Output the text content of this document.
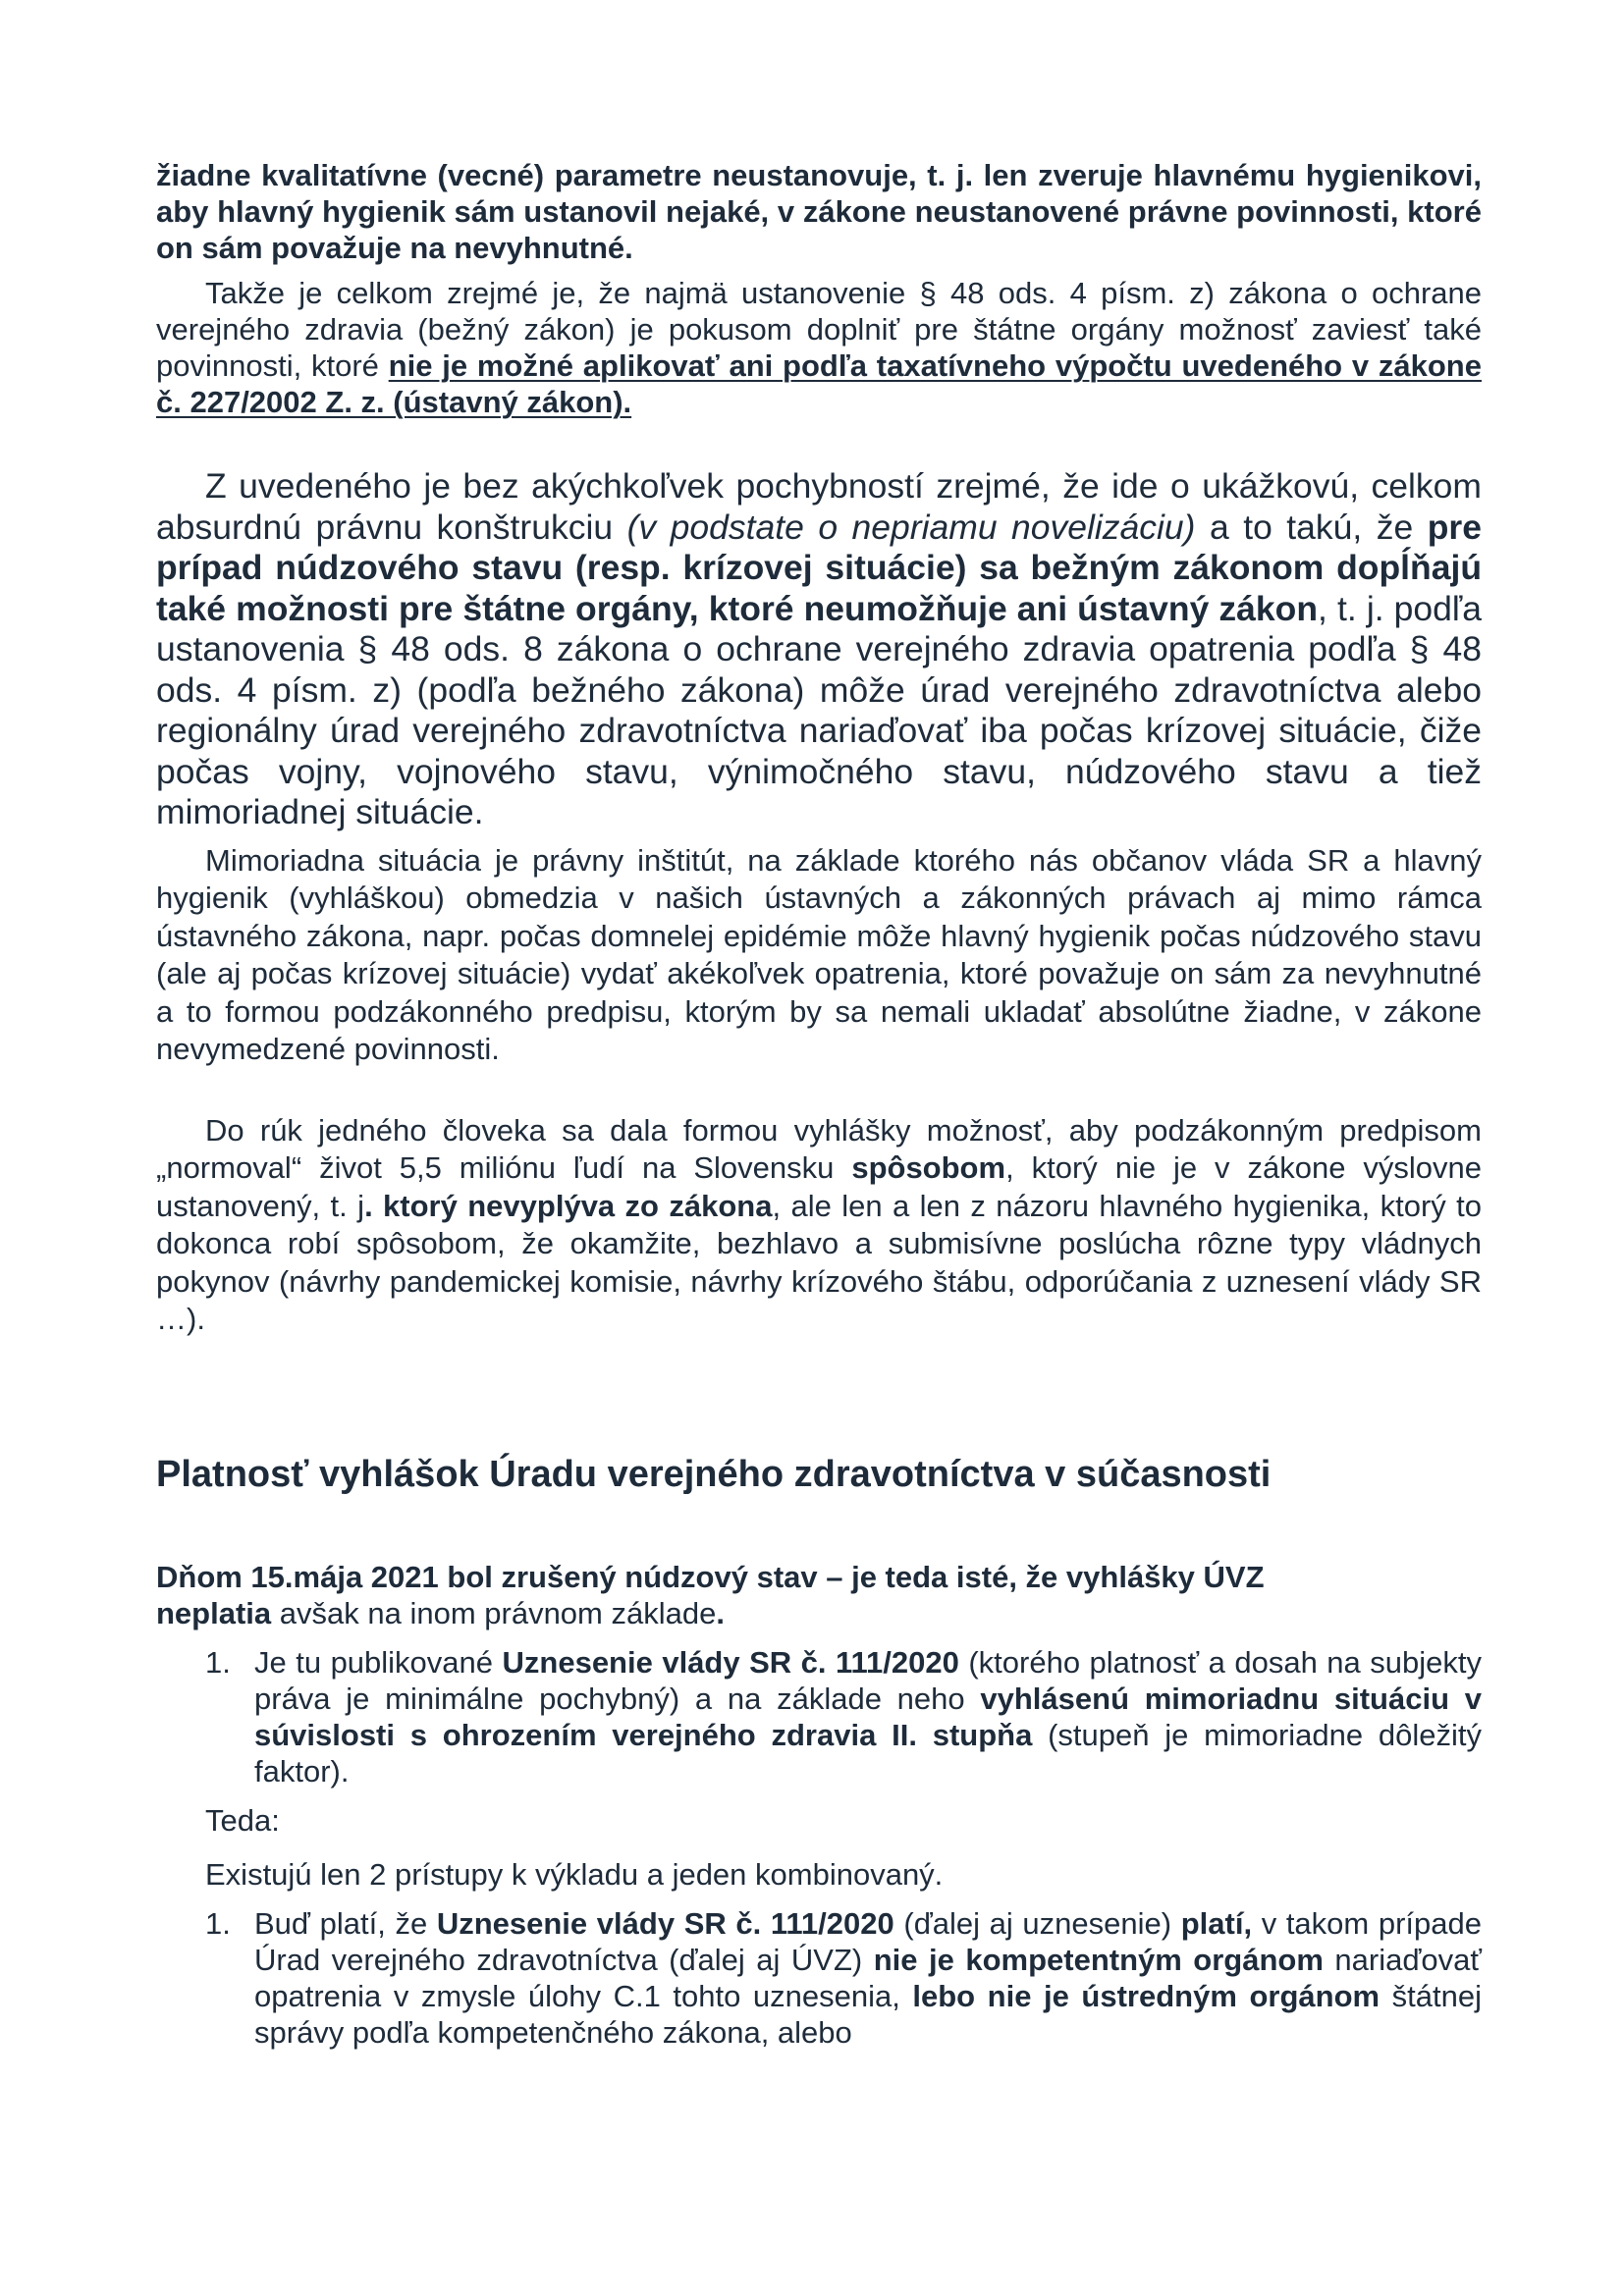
žiadne kvalitatívne (vecné) parametre neustanovuje, t. j. len zveruje hlavnému hygienikovi, aby hlavný hygienik sám ustanovil nejaké, v zákone neustanovené právne povinnosti, ktoré on sám považuje na nevyhnutné.

Takže je celkom zrejmé je, že najmä ustanovenie § 48 ods. 4 písm. z) zákona o ochrane verejného zdravia (bežný zákon) je pokusom doplniť pre štátne orgány možnosť zaviesť také povinnosti, ktoré nie je možné aplikovať ani podľa taxatívneho výpočtu uvedeného v zákone č. 227/2002 Z. z. (ústavný zákon).

Z uvedeného je bez akýchkoľvek pochybností zrejmé, že ide o ukážkovú, celkom absurdnú právnu konštrukciu (v podstate o nepriamu novelizáciu) a to takú, že pre prípad núdzového stavu (resp. krízovej situácie) sa bežným zákonom dopĺňajú také možnosti pre štátne orgány, ktoré neumožňuje ani ústavný zákon, t. j. podľa ustanovenia § 48 ods. 8 zákona o ochrane verejného zdravia opatrenia podľa § 48 ods. 4 písm. z) (podľa bežného zákona) môže úrad verejného zdravotníctva alebo regionálny úrad verejného zdravotníctva nariaďovať iba počas krízovej situácie, čiže počas vojny, vojnového stavu, výnimočného stavu, núdzového stavu a tiež mimoriadnej situácie.

Mimoriadna situácia je právny inštitút, na základe ktorého nás občanov vláda SR a hlavný hygienik (vyhláškou) obmedzia v našich ústavných a zákonných právach aj mimo rámca ústavného zákona, napr. počas domnelej epidémie môže hlavný hygienik počas núdzového stavu (ale aj počas krízovej situácie) vydať akékoľvek opatrenia, ktoré považuje on sám za nevyhnutné a to formou podzákonného predpisu, ktorým by sa nemali ukladať absolútne žiadne, v zákone nevymedzené povinnosti.

Do rúk jedného človeka sa dala formou vyhlášky možnosť, aby podzákonným predpisom „normoval“ život 5,5 miliónu ľudí na Slovensku spôsobom, ktorý nie je v zákone výslovne ustanovený, t. j. ktorý nevyplýva zo zákona, ale len a len z názoru hlavného hygienika, ktorý to dokonca robí spôsobom, že okamžite, bezhlavo a submisívne poslúcha rôzne typy vládnych pokynov (návrhy pandemickej komisie, návrhy krízového štábu, odporúčania z uznesení vlády SR …).

Platnosť vyhlášok Úradu verejného zdravotníctva v súčasnosti

Dňom 15.mája 2021 bol zrušený núdzový stav – je teda isté, že vyhlášky ÚVZ neplatia avšak na inom právnom základe.

1. Je tu publikované Uznesenie vlády SR č. 111/2020 (ktorého platnosť a dosah na subjekty práva je minimálne pochybný) a na základe neho vyhlásenú mimoriadnu situáciu v súvislosti s ohrozením verejného zdravia II. stupňa (stupeň je mimoriadne dôležitý faktor).

Teda:

Existujú len 2 prístupy k výkladu a jeden kombinovaný.

1. Buď platí, že Uznesenie vlády SR č. 111/2020 (ďalej aj uznesenie) platí, v takom prípade Úrad verejného zdravotníctva (ďalej aj ÚVZ) nie je kompetentným orgánom nariaďovať opatrenia v zmysle úlohy C.1 tohto uznesenia, lebo nie je ústredným orgánom štátnej správy podľa kompetenčného zákona, alebo
